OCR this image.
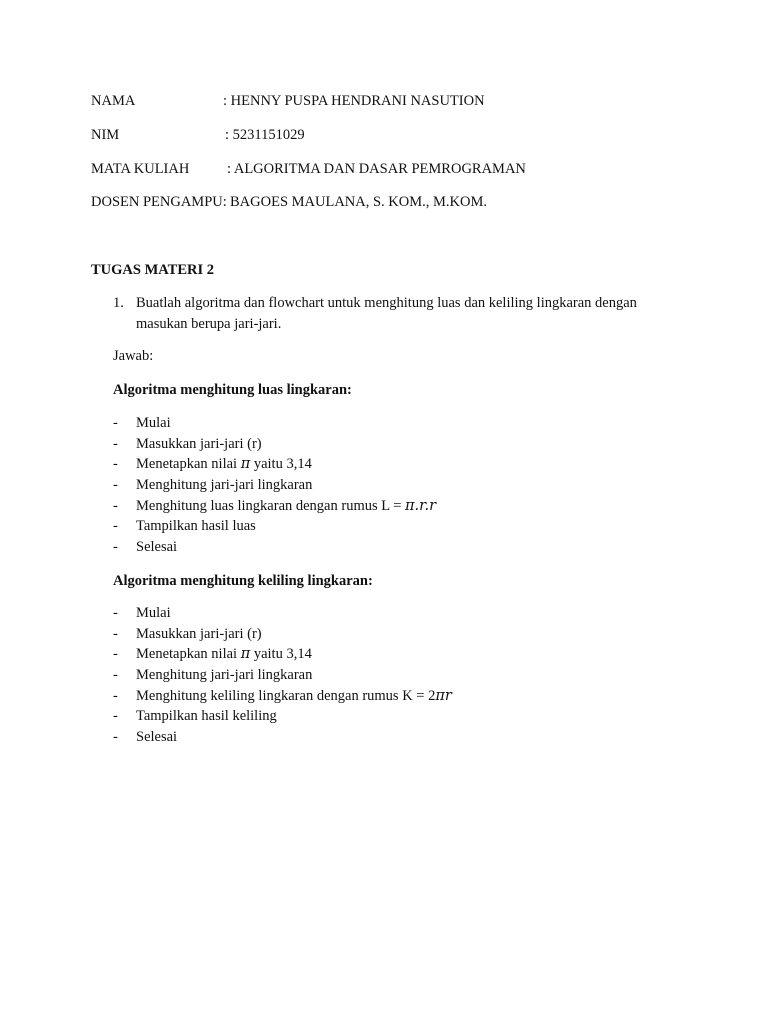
NAMA	: HENNY PUSPA HENDRANI NASUTION
NIM	: 5231151029
MATA KULIAH	: ALGORITMA DAN DASAR PEMROGRAMAN
DOSEN PENGAMPU: BAGOES MAULANA, S. KOM., M.KOM.
TUGAS MATERI 2
1. Buatlah algoritma dan flowchart untuk menghitung luas dan keliling lingkaran dengan
masukan berupa jari-jari.
Jawab:
Algoritma menghitung luas lingkaran:
- Mulai
- Masukkan jari-jari (r)
- Menetapkan nilai π yaitu 3,14
- Menghitung jari-jari lingkaran
- Menghitung luas lingkaran dengan rumus L = π.r.r
- Tampilkan hasil luas
- Selesai
Algoritma menghitung keliling lingkaran:
- Mulai
- Masukkan jari-jari (r)
- Menetapkan nilai π yaitu 3,14
- Menghitung jari-jari lingkaran
- Menghitung keliling lingkaran dengan rumus K = 2πr
- Tampilkan hasil keliling
- Selesai
